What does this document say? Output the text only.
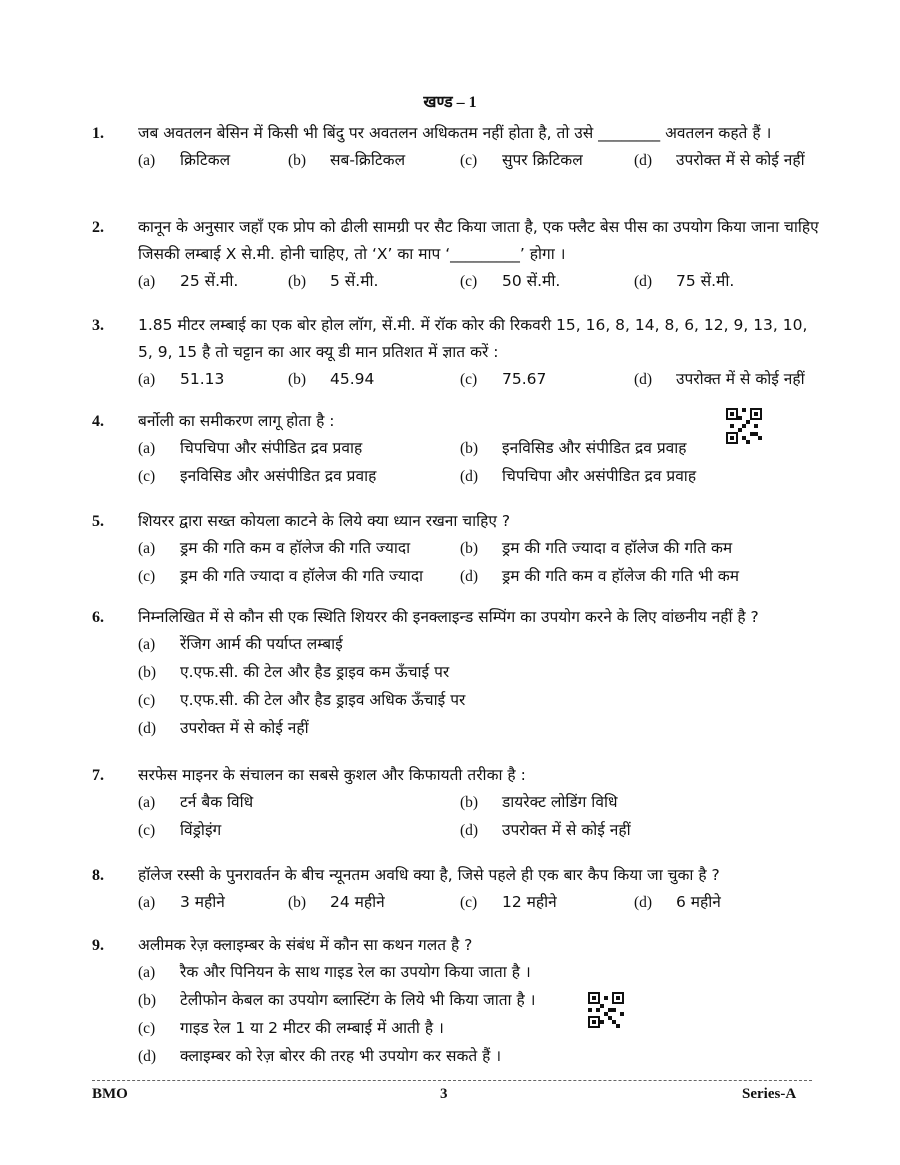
खण्ड – 1
1.	जब अवतलन बेसिन में किसी भी बिंदु पर अवतलन अधिकतम नहीं होता है, तो उसे ________ अवतलन कहते हैं ।
(a) क्रिटिकल	(b) सब-क्रिटिकल	(c) सुपर क्रिटिकल	(d) उपरोक्त में से कोई नहीं
2.	कानून के अनुसार जहाँ एक प्रोप को ढीली सामग्री पर सैट किया जाता है, एक फ्लैट बेस पीस का उपयोग किया जाना चाहिए जिसकी लम्बाई X से.मी. होनी चाहिए, तो ‘X’ का माप ‘_________’ होगा ।
(a) 25 सें.मी.	(b) 5 सें.मी.	(c) 50 सें.मी.	(d) 75 सें.मी.
3.	1.85 मीटर लम्बाई का एक बोर होल लॉग, सें.मी. में रॉक कोर की रिकवरी 15, 16, 8, 14, 8, 6, 12, 9, 13, 10, 5, 9, 15 है तो चट्टान का आर क्यू डी मान प्रतिशत में ज्ञात करें :
(a) 51.13	(b) 45.94	(c) 75.67	(d) उपरोक्त में से कोई नहीं
4.	बर्नोली का समीकरण लागू होता है :
(a) चिपचिपा और संपीडित द्रव प्रवाह	(b) इनविसिड और संपीडित द्रव प्रवाह
(c) इनविसिड और असंपीडित द्रव प्रवाह	(d) चिपचिपा और असंपीडित द्रव प्रवाह
5.	शियरर द्वारा सख्त कोयला काटने के लिये क्या ध्यान रखना चाहिए ?
(a) ड्रम की गति कम व हॉलेज की गति ज्यादा	(b) ड्रम की गति ज्यादा व हॉलेज की गति कम
(c) ड्रम की गति ज्यादा व हॉलेज की गति ज्यादा (d) ड्रम की गति कम व हॉलेज की गति भी कम
6.	निम्नलिखित में से कौन सी एक स्थिति शियरर की इनक्लाइन्ड सम्पिंग का उपयोग करने के लिए वांछनीय नहीं है ?
(a) रेंजिग आर्म की पर्याप्त लम्बाई
(b) ए.एफ.सी. की टेल और हैड ड्राइव कम ऊँचाई पर
(c) ए.एफ.सी. की टेल और हैड ड्राइव अधिक ऊँचाई पर
(d) उपरोक्त में से कोई नहीं
7.	सरफेस माइनर के संचालन का सबसे कुशल और किफायती तरीका है :
(a) टर्न बैक विधि	(b) डायरेक्ट लोडिंग विधि
(c) विंड्रोइंग	(d) उपरोक्त में से कोई नहीं
8.	हॉलेज रस्सी के पुनरावर्तन के बीच न्यूनतम अवधि क्या है, जिसे पहले ही एक बार कैप किया जा चुका है ?
(a) 3 महीने	(b) 24 महीने	(c) 12 महीने	(d) 6 महीने
9.	अलीमक रेज़ क्लाइम्बर के संबंध में कौन सा कथन गलत है ?
(a) रैक और पिनियन के साथ गाइड रेल का उपयोग किया जाता है ।
(b) टेलीफोन केबल का उपयोग ब्लास्टिंग के लिये भी किया जाता है ।
(c) गाइड रेल 1 या 2 मीटर की लम्बाई में आती है ।
(d) क्लाइम्बर को रेज़ बोरर की तरह भी उपयोग कर सकते हैं ।
BMO	3	Series-A
